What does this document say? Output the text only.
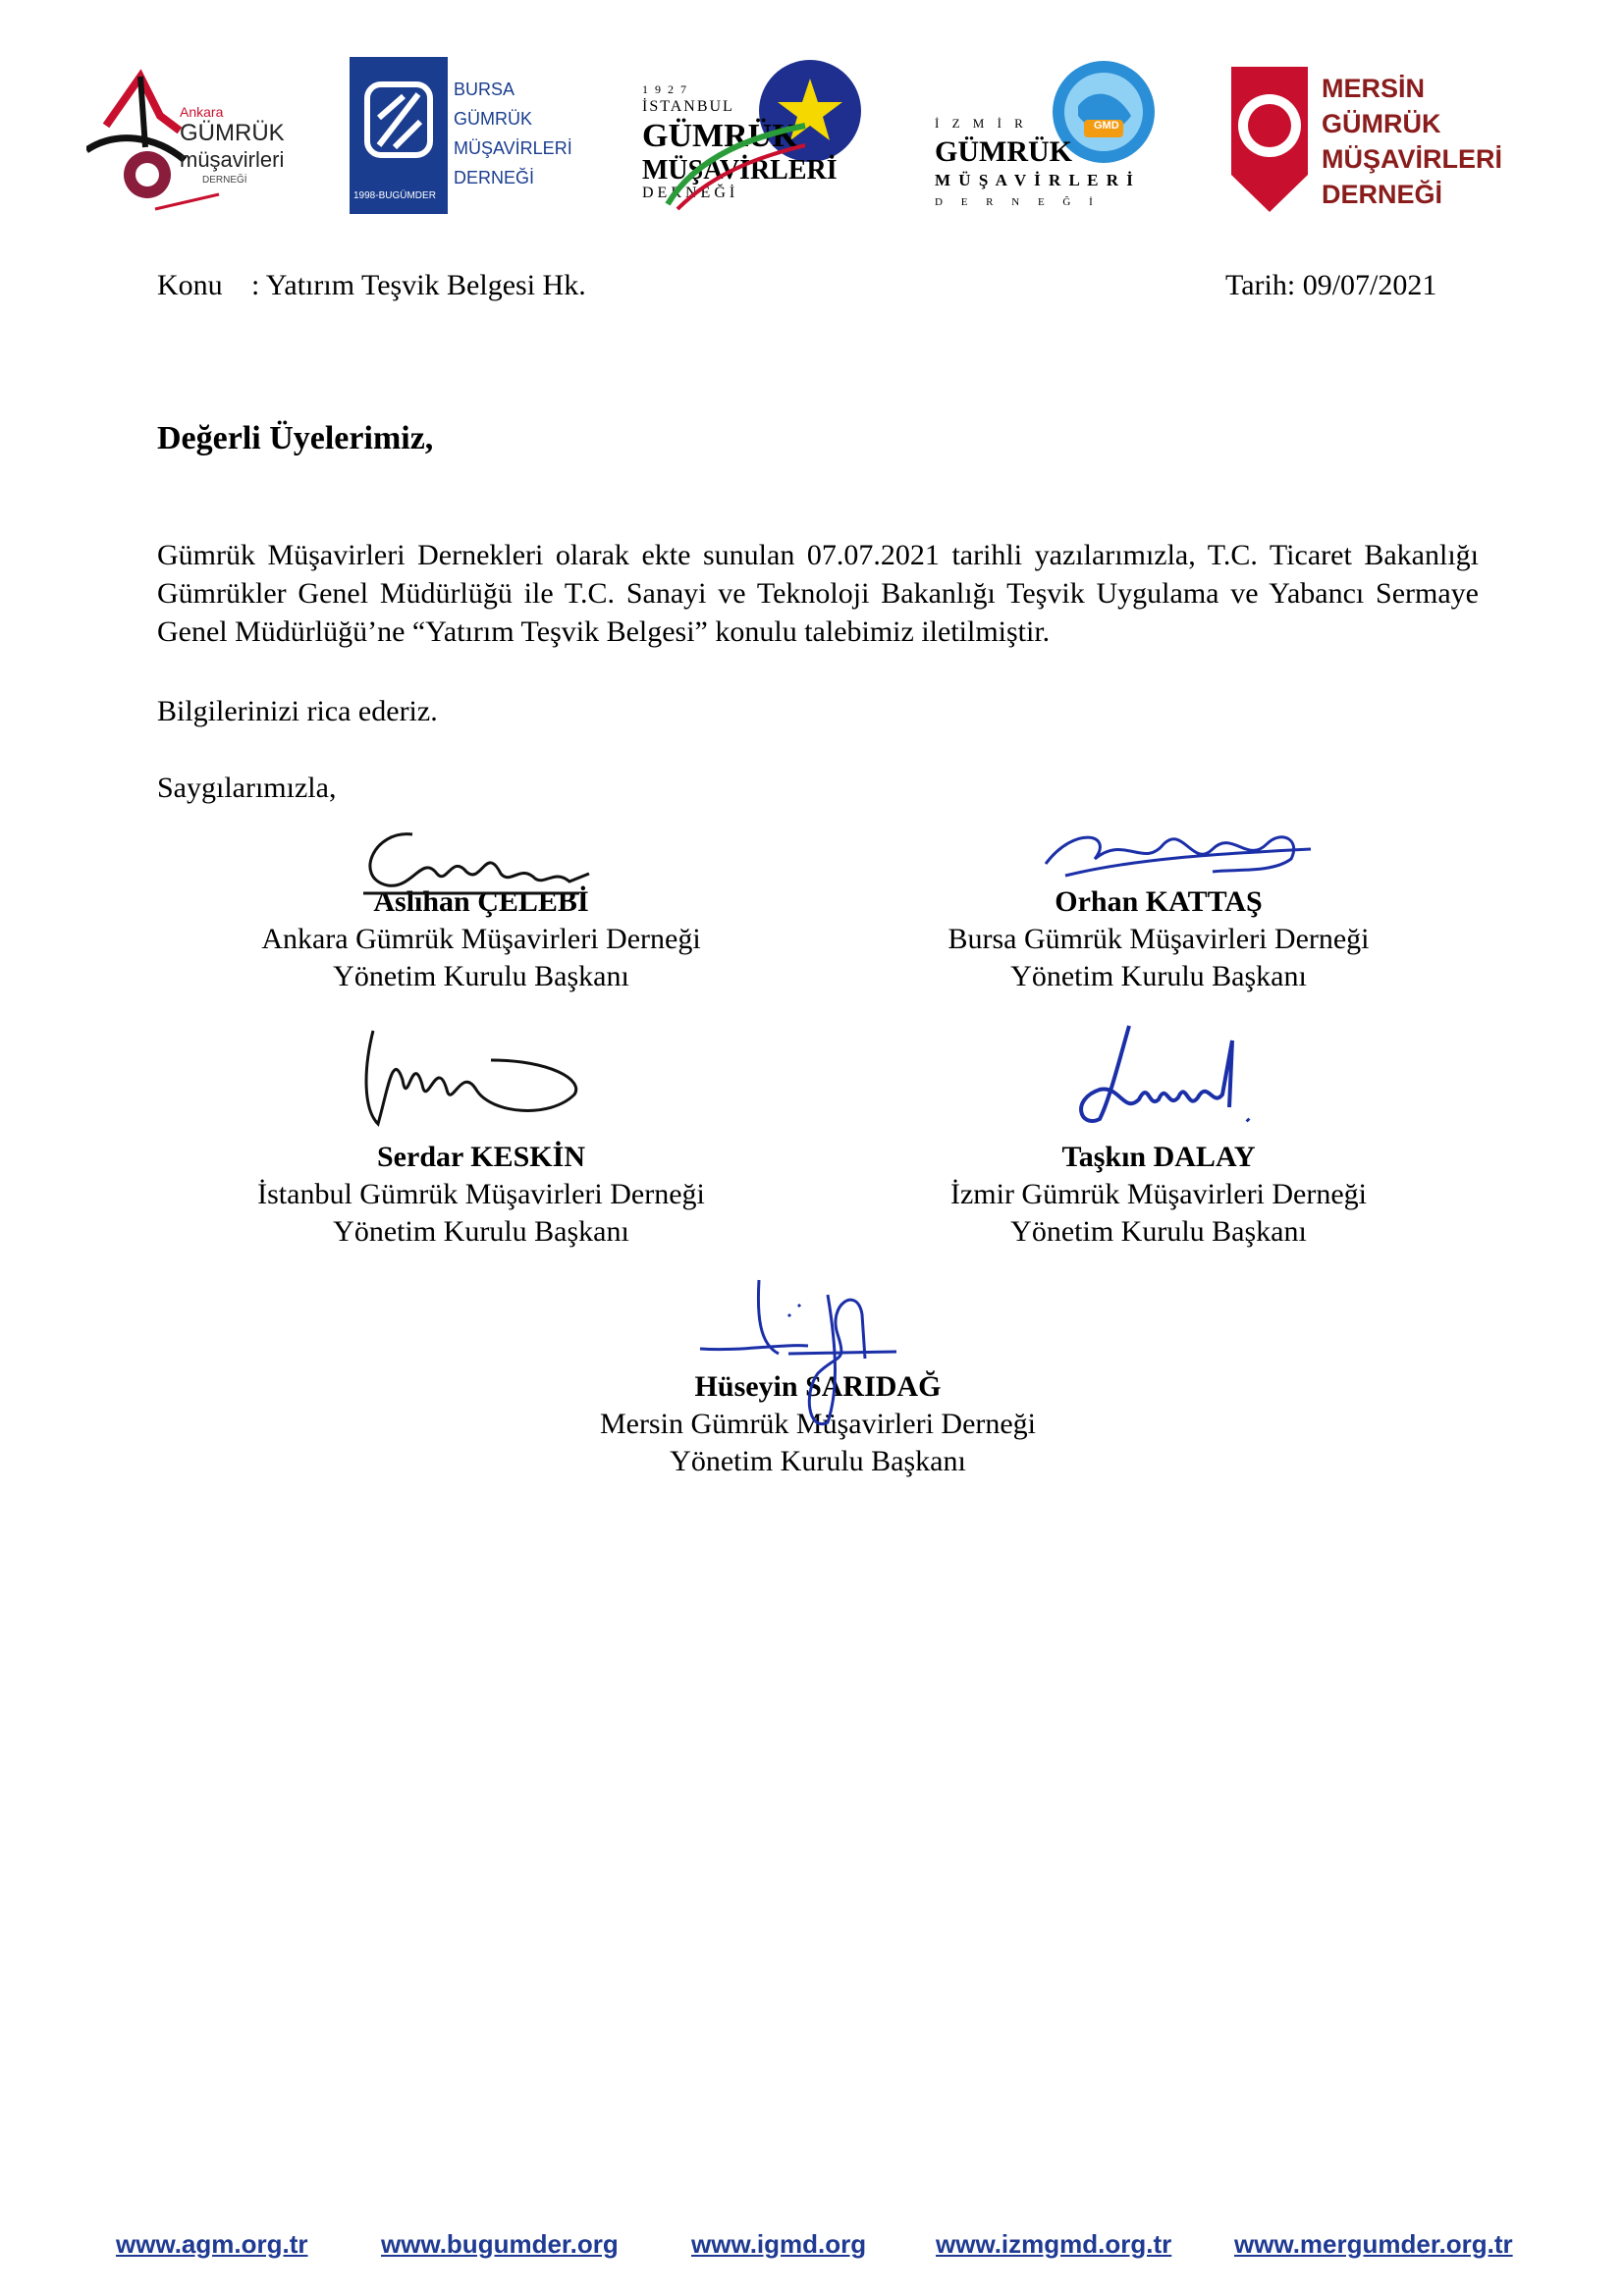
Ankara
GÜMRÜK
müşavirleri
DERNEĞİ
1998-BUGÜMDER
BURSA
GÜMRÜK
MÜŞAVİRLERİ
DERNEĞİ
1 9 2 7
İSTANBUL
GÜMRÜK
MÜŞAVİRLERİ
D E R N E Ğ İ
GMD
İ Z M İ R
GÜMRÜK
M Ü Ş A V İ R L E R İ
D E R N E Ğ İ
MERSİN
GÜMRÜK
MÜŞAVİRLERİ
DERNEĞİ
Konu : Yatırım Teşvik Belgesi Hk.	Tarih: 09/07/2021
Değerli Üyelerimiz,

Gümrük Müşavirleri Dernekleri olarak ekte sunulan 07.07.2021 tarihli yazılarımızla, T.C. Ticaret Bakanlığı Gümrükler Genel Müdürlüğü ile T.C. Sanayi ve Teknoloji Bakanlığı Teşvik Uygulama ve Yabancı Sermaye Genel Müdürlüğü’ne “Yatırım Teşvik Belgesi” konulu talebimiz iletilmiştir.

Bilgilerinizi rica ederiz.
Saygılarımızla,
Aslıhan ÇELEBİ
Ankara Gümrük Müşavirleri Derneği
Yönetim Kurulu Başkanı
Orhan KATTAŞ
Bursa Gümrük Müşavirleri Derneği
Yönetim Kurulu Başkanı
Serdar KESKİN
İstanbul Gümrük Müşavirleri Derneği
Yönetim Kurulu Başkanı
Taşkın DALAY
İzmir Gümrük Müşavirleri Derneği
Yönetim Kurulu Başkanı
Hüseyin SARIDAĞ
Mersin Gümrük Müşavirleri Derneği
Yönetim Kurulu Başkanı
www.agm.org.tr	www.bugumder.org	www.igmd.org	www.izmgmd.org.tr www.mergumder.org.tr
